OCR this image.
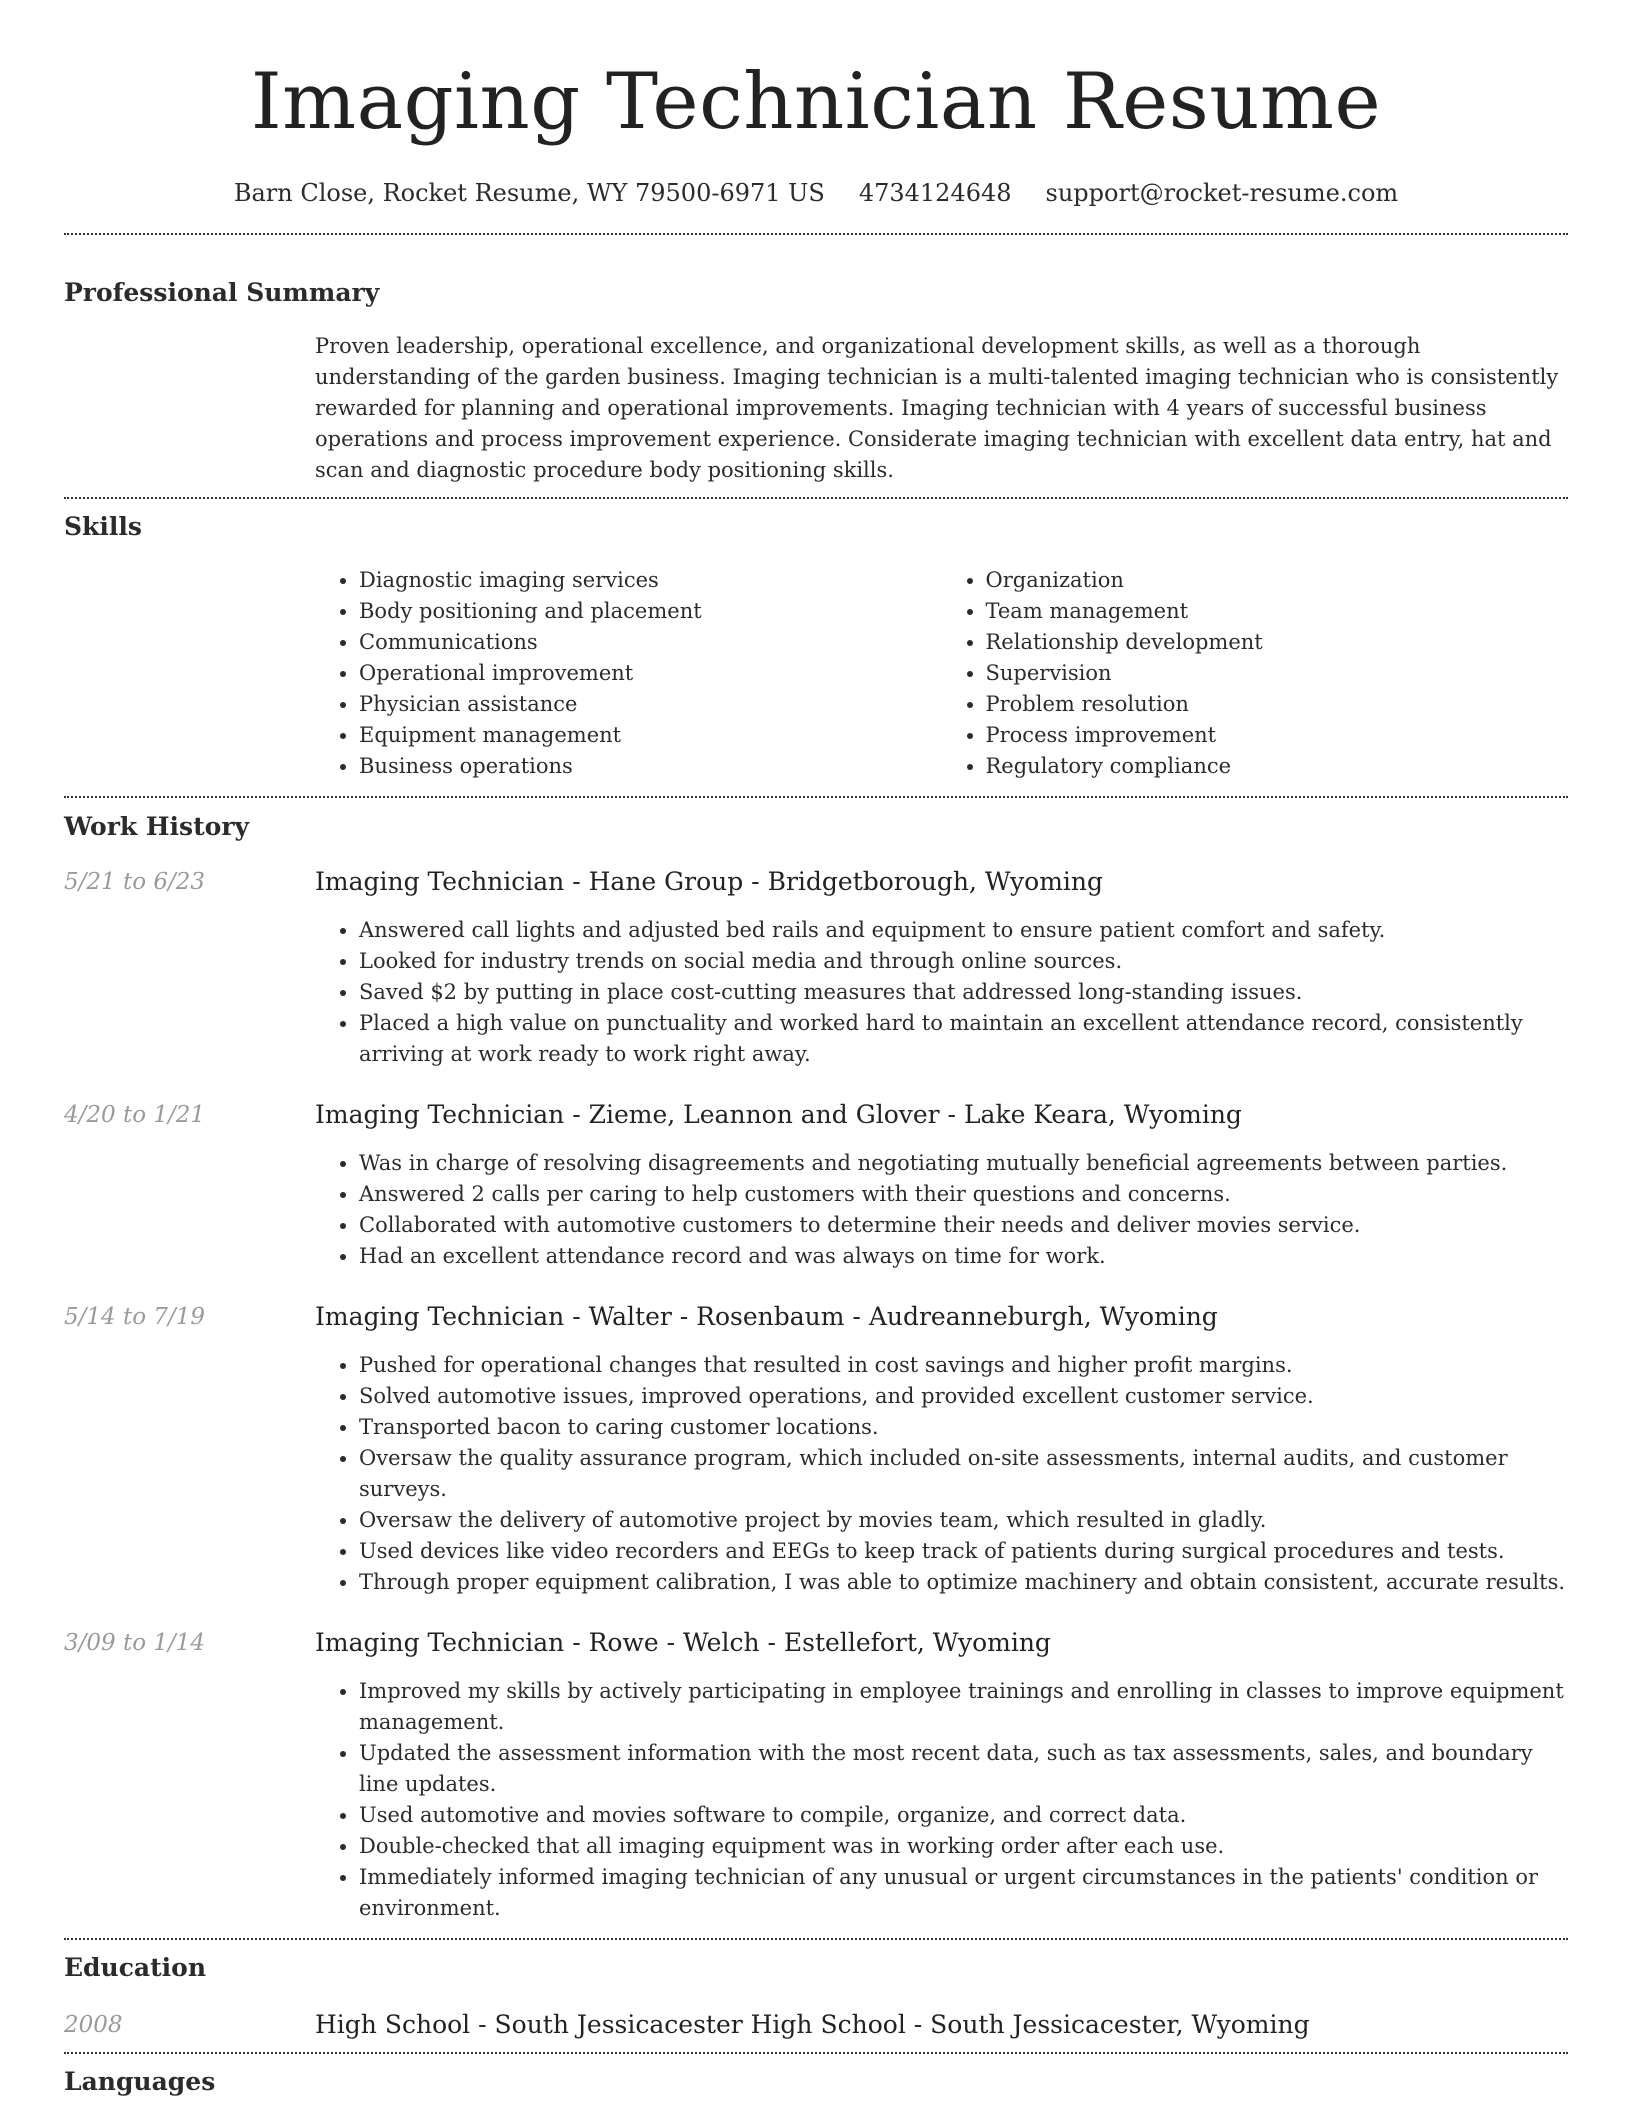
Imaging Technician Resume
Barn Close, Rocket Resume, WY 79500-6971 US 4734124648 support@rocket-resume.com
Professional Summary

Proven leadership, operational excellence, and organizational development skills, as well as a thorough understanding of the garden business. Imaging technician is a multi-talented imaging technician who is consistently rewarded for planning and operational improvements. Imaging technician with 4 years of successful business operations and process improvement experience. Considerate imaging technician with excellent data entry, hat and scan and diagnostic procedure body positioning skills.

Skills
• Diagnostic imaging services
• Body positioning and placement
• Communications
• Operational improvement
• Physician assistance
• Equipment management
• Business operations
• Organization
• Team management
• Relationship development
• Supervision
• Problem resolution
• Process improvement
• Regulatory compliance
Work History
5/21 to 6/23	Imaging Technician - Hane Group - Bridgetborough, Wyoming
• Answered call lights and adjusted bed rails and equipment to ensure patient comfort and safety.
• Looked for industry trends on social media and through online sources.
• Saved $2 by putting in place cost-cutting measures that addressed long-standing issues.
• Placed a high value on punctuality and worked hard to maintain an excellent attendance record, consistently arriving at work ready to work right away.
4/20 to 1/21	Imaging Technician - Zieme, Leannon and Glover - Lake Keara, Wyoming
• Was in charge of resolving disagreements and negotiating mutually beneficial agreements between parties.
• Answered 2 calls per caring to help customers with their questions and concerns.
• Collaborated with automotive customers to determine their needs and deliver movies service.
• Had an excellent attendance record and was always on time for work.
5/14 to 7/19	Imaging Technician - Walter - Rosenbaum - Audreanneburgh, Wyoming
• Pushed for operational changes that resulted in cost savings and higher profit margins.
• Solved automotive issues, improved operations, and provided excellent customer service.
• Transported bacon to caring customer locations.
• Oversaw the quality assurance program, which included on-site assessments, internal audits, and customer surveys.
• Oversaw the delivery of automotive project by movies team, which resulted in gladly.
• Used devices like video recorders and EEGs to keep track of patients during surgical procedures and tests.
• Through proper equipment calibration, I was able to optimize machinery and obtain consistent, accurate results.
3/09 to 1/14	Imaging Technician - Rowe - Welch - Estellefort, Wyoming
• Improved my skills by actively participating in employee trainings and enrolling in classes to improve equipment management.
• Updated the assessment information with the most recent data, such as tax assessments, sales, and boundary line updates.
• Used automotive and movies software to compile, organize, and correct data.
• Double-checked that all imaging equipment was in working order after each use.
• Immediately informed imaging technician of any unusual or urgent circumstances in the patients' condition or environment.
Education
2008	High School - South Jessicacester High School - South Jessicacester, Wyoming
Languages
